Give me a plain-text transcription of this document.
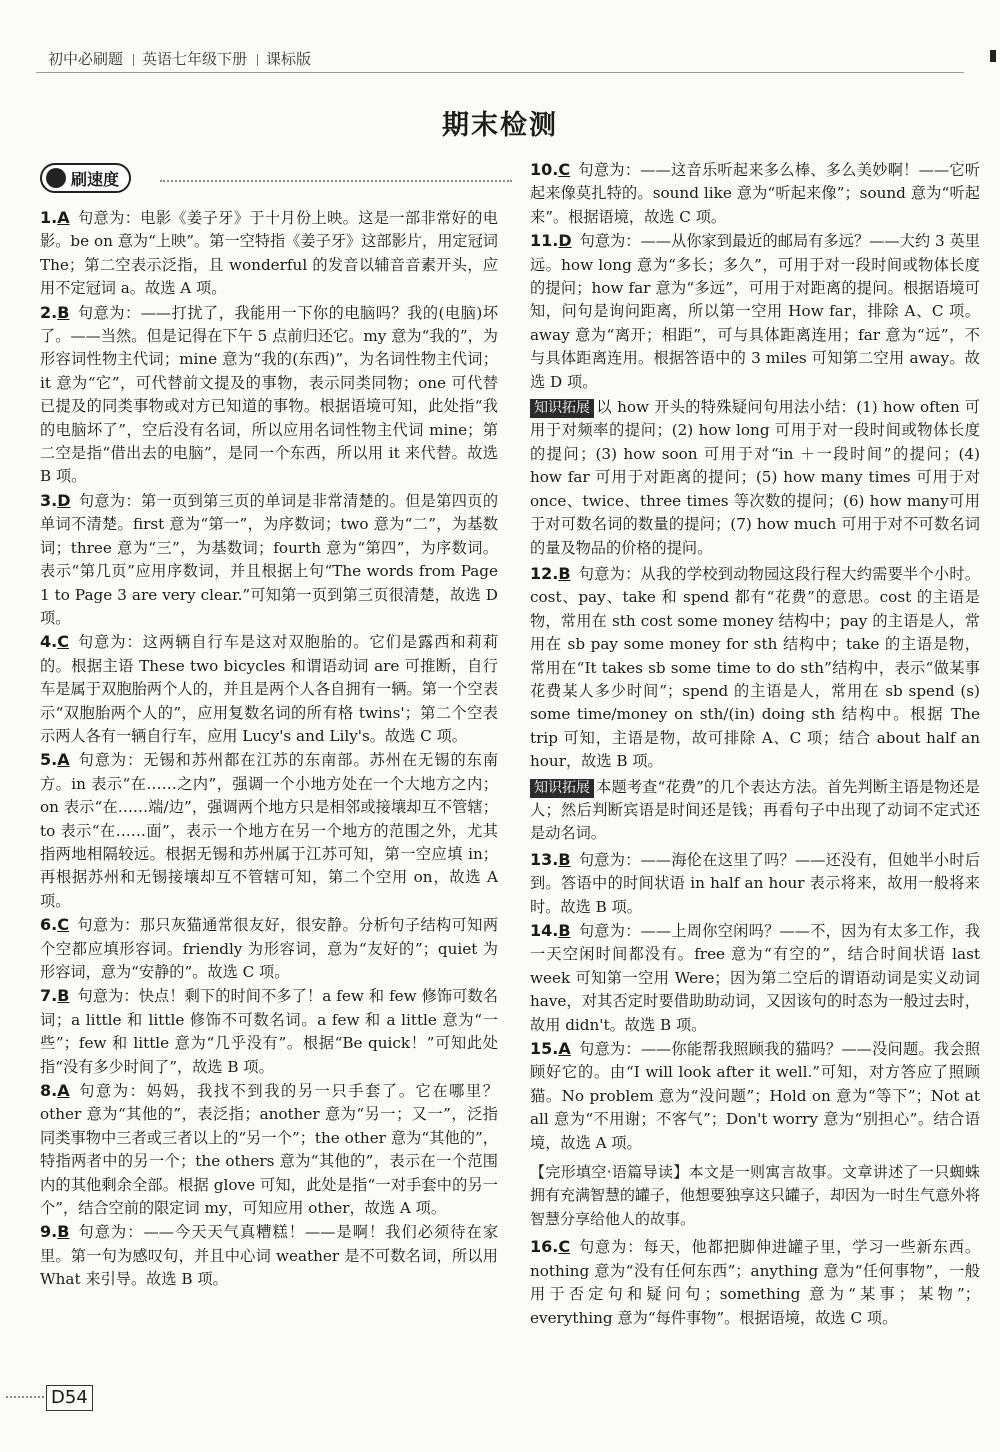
初中必刷题 英语七年级下册 课标版
期末检测
刷速度

1.A 句意为：电影《姜子牙》于十月份上映。这是一部非常好的电影。be on 意为“上映”。第一空特指《姜子牙》这部影片，用定冠词 The；第二空表示泛指，且 wonderful 的发音以辅音音素开头，应用不定冠词 a。故选 A 项。

2.B 句意为：——打扰了，我能用一下你的电脑吗？我的(电脑)坏了。——当然。但是记得在下午 5 点前归还它。my 意为“我的”，为形容词性物主代词；mine 意为“我的(东西)”，为名词性物主代词；it 意为“它”，可代替前文提及的事物，表示同类同物；one 可代替已提及的同类事物或对方已知道的事物。根据语境可知，此处指“我的电脑坏了”，空后没有名词，所以应用名词性物主代词 mine；第二空是指“借出去的电脑”，是同一个东西，所以用 it 来代替。故选 B 项。

3.D 句意为：第一页到第三页的单词是非常清楚的。但是第四页的单词不清楚。first 意为“第一”，为序数词；two 意为“二”，为基数词；three 意为“三”，为基数词；fourth 意为“第四”，为序数词。表示“第几页”应用序数词，并且根据上句“The words from Page 1 to Page 3 are very clear.”可知第一页到第三页很清楚，故选 D 项。

4.C 句意为：这两辆自行车是这对双胞胎的。它们是露西和莉莉的。根据主语 These two bicycles 和谓语动词 are 可推断，自行车是属于双胞胎两个人的，并且是两个人各自拥有一辆。第一个空表示“双胞胎两个人的”，应用复数名词的所有格 twins'；第二个空表示两人各有一辆自行车，应用 Lucy's and Lily's。故选 C 项。

5.A 句意为：无锡和苏州都在江苏的东南部。苏州在无锡的东南方。in 表示“在……之内”，强调一个小地方处在一个大地方之内；on 表示“在……端/边”，强调两个地方只是相邻或接壤却互不管辖；to 表示“在……面”，表示一个地方在另一个地方的范围之外，尤其指两地相隔较远。根据无锡和苏州属于江苏可知，第一空应填 in；再根据苏州和无锡接壤却互不管辖可知，第二个空用 on，故选 A 项。

6.C 句意为：那只灰猫通常很友好，很安静。分析句子结构可知两个空都应填形容词。friendly 为形容词，意为“友好的”；quiet 为形容词，意为“安静的”。故选 C 项。

7.B 句意为：快点！剩下的时间不多了！a few 和 few 修饰可数名词；a little 和 little 修饰不可数名词。a few 和 a little 意为“一些”；few 和 little 意为“几乎没有”。根据“Be quick！”可知此处指“没有多少时间了”，故选 B 项。

8.A 句意为：妈妈，我找不到我的另一只手套了。它在哪里？other 意为“其他的”，表泛指；another 意为“另一；又一”，泛指同类事物中三者或三者以上的“另一个”；the other 意为“其他的”，特指两者中的另一个；the others 意为“其他的”，表示在一个范围内的其他剩余全部。根据 glove 可知，此处是指“一对手套中的另一个”，结合空前的限定词 my，可知应用 other，故选 A 项。

9.B 句意为：——今天天气真糟糕！——是啊！我们必须待在家里。第一句为感叹句，并且中心词 weather 是不可数名词，所以用 What 来引导。故选 B 项。

10.C 句意为：——这音乐听起来多么棒、多么美妙啊！——它听起来像莫扎特的。sound like 意为“听起来像”；sound 意为“听起来”。根据语境，故选 C 项。

11.D 句意为：——从你家到最近的邮局有多远？——大约 3 英里远。how long 意为“多长；多久”，可用于对一段时间或物体长度的提问；how far 意为“多远”，可用于对距离的提问。根据语境可知，问句是询问距离，所以第一空用 How far，排除 A、C 项。away 意为“离开；相距”，可与具体距离连用；far 意为“远”，不与具体距离连用。根据答语中的 3 miles 可知第二空用 away。故选 D 项。

知识拓展 以 how 开头的特殊疑问句用法小结：(1) how often 可用于对频率的提问；(2) how long 可用于对一段时间或物体长度的提问；(3) how soon 可用于对“in ＋一段时间”的提问；(4) how far 可用于对距离的提问；(5) how many times 可用于对 once、twice、three times 等次数的提问；(6) how many可用于对可数名词的数量的提问；(7) how much 可用于对不可数名词的量及物品的价格的提问。

12.B 句意为：从我的学校到动物园这段行程大约需要半个小时。cost、pay、take 和 spend 都有“花费”的意思。cost 的主语是物，常用在 sth cost some money 结构中；pay 的主语是人，常用在 sb pay some money for sth 结构中；take 的主语是物，常用在“It takes sb some time to do sth”结构中，表示“做某事花费某人多少时间”；spend 的主语是人，常用在 sb spend (s) some time/money on sth/(in) doing sth 结构中。根据 The trip 可知，主语是物，故可排除 A、C 项；结合 about half an hour，故选 B 项。

知识拓展 本题考查“花费”的几个表达方法。首先判断主语是物还是人；然后判断宾语是时间还是钱；再看句子中出现了动词不定式还是动名词。

13.B 句意为：——海伦在这里了吗？——还没有，但她半小时后到。答语中的时间状语 in half an hour 表示将来，故用一般将来时。故选 B 项。

14.B 句意为：——上周你空闲吗？——不，因为有太多工作，我一天空闲时间都没有。free 意为“有空的”，结合时间状语 last week 可知第一空用 Were；因为第二空后的谓语动词是实义动词 have，对其否定时要借助助动词，又因该句的时态为一般过去时，故用 didn't。故选 B 项。

15.A 句意为：——你能帮我照顾我的猫吗？——没问题。我会照顾好它的。由“I will look after it well.”可知，对方答应了照顾猫。No problem 意为“没问题”；Hold on 意为“等下”；Not at all 意为“不用谢；不客气”；Don't worry 意为“别担心”。结合语境，故选 A 项。

【完形填空·语篇导读】本文是一则寓言故事。文章讲述了一只蜘蛛拥有充满智慧的罐子，他想要独享这只罐子，却因为一时生气意外将智慧分享给他人的故事。

16.C 句意为：每天，他都把脚伸进罐子里，学习一些新东西。nothing 意为“没有任何东西”；anything 意为“任何事物”，一般用于否定句和疑问句；something 意为“某事；某物”；everything 意为“每件事物”。根据语境，故选 C 项。

D54
